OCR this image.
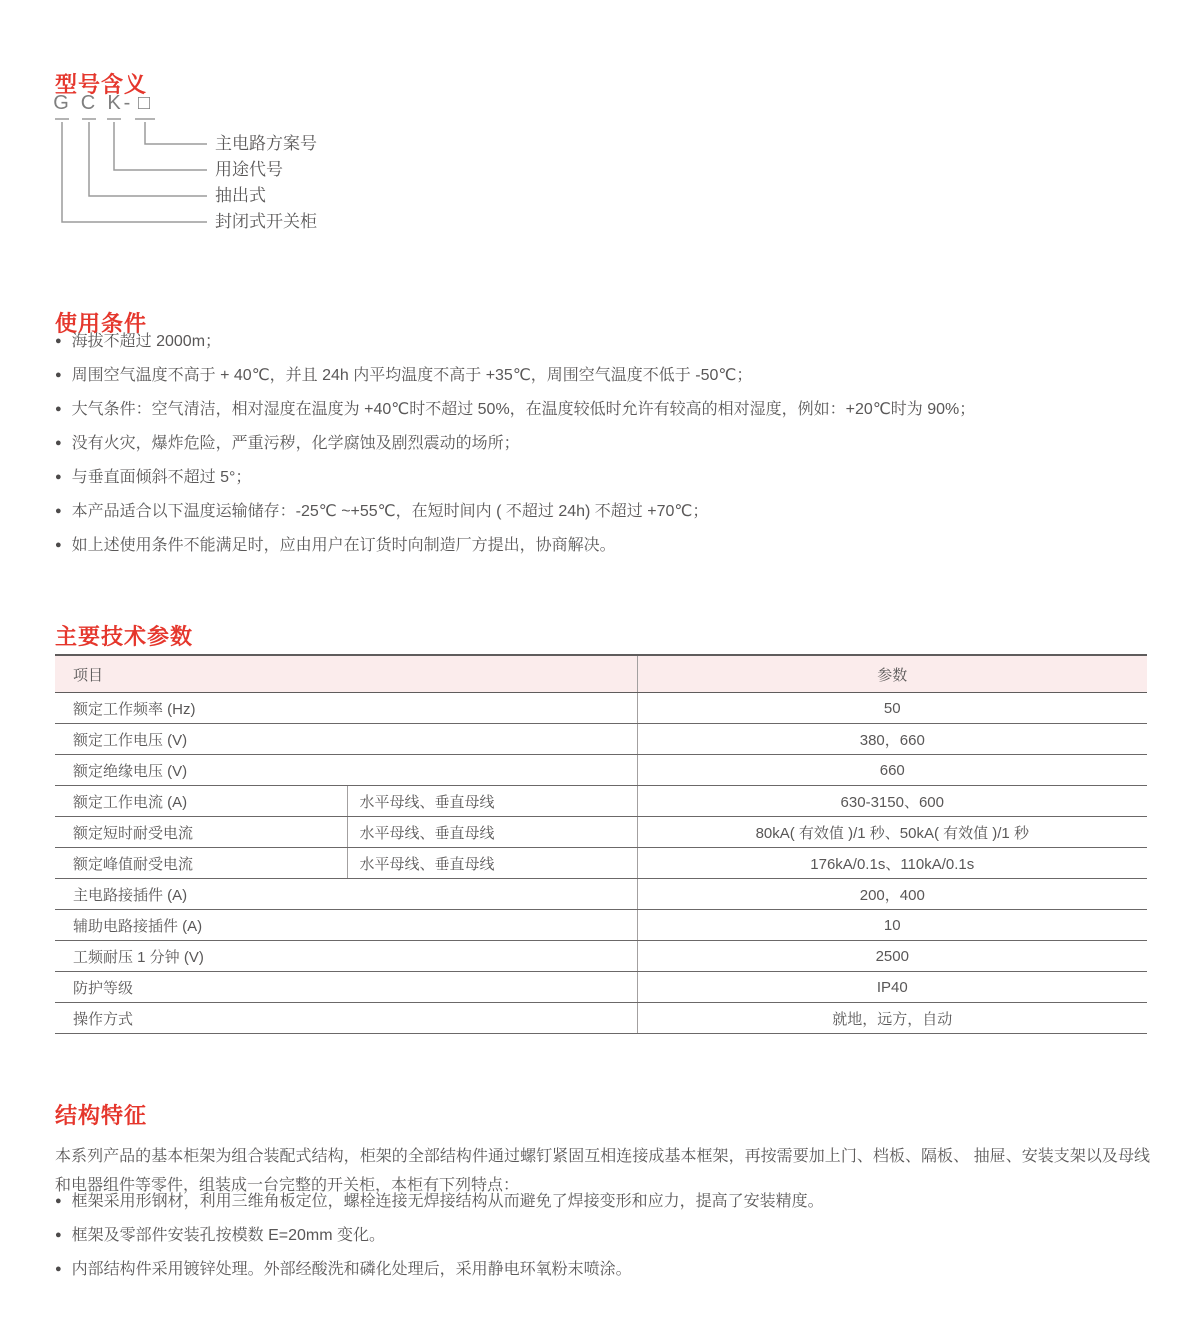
型号含义
G C K - □
主电路方案号
用途代号
抽出式
封闭式开关柜
使用条件
● 海拔不超过 2000m；
● 周围空气温度不高于 + 40℃，并且 24h 内平均温度不高于 +35℃，周围空气温度不低于 -50℃；
● 大气条件：空气清洁，相对湿度在温度为 +40℃时不超过 50%，在温度较低时允许有较高的相对湿度，例如：+20℃时为 90%；
● 没有火灾，爆炸危险，严重污秽，化学腐蚀及剧烈震动的场所；
● 与垂直面倾斜不超过 5°；
● 本产品适合以下温度运输储存：-25℃ ~+55℃，在短时间内 ( 不超过 24h) 不超过 +70℃；
● 如上述使用条件不能满足时，应由用户在订货时向制造厂方提出，协商解决。
主要技术参数
项目		参数
额定工作频率 (Hz)		50
额定工作电压 (V)		380，660
额定绝缘电压 (V)		660
额定工作电流 (A)	水平母线、垂直母线	630-3150、600
额定短时耐受电流	水平母线、垂直母线	80kA( 有效值 )/1 秒、50kA( 有效值 )/1 秒
额定峰值耐受电流	水平母线、垂直母线	176kA/0.1s、110kA/0.1s
主电路接插件 (A)		200，400
辅助电路接插件 (A)		10
工频耐压 1 分钟 (V)		2500
防护等级		IP40
操作方式		就地，远方，自动
结构特征

本系列产品的基本柜架为组合装配式结构，柜架的全部结构件通过螺钉紧固互相连接成基本框架，再按需要加上门、档板、隔板、 抽屉、安装支架以及母线和电器组件等零件，组装成一台完整的开关柜，本柜有下列特点：

● 框架采用形钢材，利用三维角板定位，螺栓连接无焊接结构从而避免了焊接变形和应力，提高了安装精度。
● 框架及零部件安装孔按模数 E=20mm 变化。
● 内部结构件采用镀锌处理。外部经酸洗和磷化处理后，采用静电环氧粉末喷涂。
